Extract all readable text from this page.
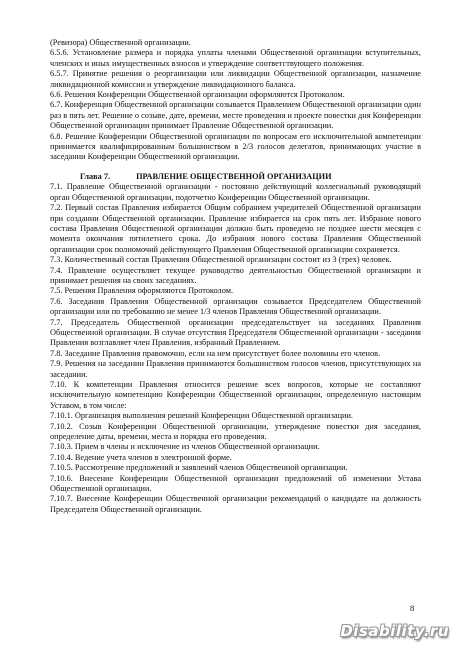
(Ревизора) Общественной организации.

6.5.6. Установление размера и порядка уплаты членами Общественной организации вступительных, членских и иных имущественных взносов и утверждение соответствующего положения.

6.5.7. Принятие решения о реорганизации или ликвидации Общественной организации, назначение ликвидационной комиссии и утверждение ликвидационного баланса.

6.6. Решения Конференции Общественной организации оформляются Протоколом.

6.7. Конференция Общественной организации созывается Правлением Общественной организации один раз в пять лет. Решение о созыве, дате, времени, месте проведения и проекте повестки дня Конференции Общественной организации принимает Правление Общественной организации.

6.8. Решение Конференции Общественной организации по вопросам его исключительной компетенции принимается квалифицированным большинством в 2/3 голосов делегатов, принимающих участие в заседании Конференции Общественной организации.

Глава 7.	ПРАВЛЕНИЕ ОБЩЕСТВЕННОЙ ОРГАНИЗАЦИИ

7.1. Правление Общественной организации - постоянно действующий коллегиальный руководящий орган Общественной организации, подотчетно Конференции Общественной организации.

7.2. Первый состав Правления избирается Общим собранием учредителей Общественной организации при создании Общественной организации. Правление избирается на срок пять лет. Избрание нового состава Правления Общественной организации должно быть проведено не позднее шести месяцев с момента окончания пятилетнего срока. До избрания нового состава Правления Общественной организации срок полномочий действующего Правления Общественной организации сохраняется.

7.3. Количественный состав Правления Общественной организации состоит из 3 (трех) человек.

7.4. Правление осуществляет текущее руководство деятельностью Общественной организации и принимает решения на своих заседаниях.

7.5. Решения Правления оформляются Протоколом.

7.6. Заседания Правления Общественной организации созывается Председателем Общественной организации или по требованию не менее 1/3 членов Правления Общественной организации.

7.7. Председатель Общественной организации председательствует на заседаниях Правления Общественной организации. В случае отсутствия Председателя Общественной организации - заседания Правления возглавляет член Правления, избранный Правлением.

7.8. Заседание Правления правомочно, если на нем присутствует более половины его членов.

7.9. Решения на заседании Правления принимаются большинством голосов членов, присутствующих на заседании.

7.10. К компетенции Правления относится решение всех вопросов, которые не составляют исключительную компетенцию Конференции Общественной организации, определенную настоящим Уставом, в том числе:

7.10.1. Организация выполнения решений Конференции Общественной организации.

7.10.2. Созыв Конференции Общественной организации, утверждение повестки дня заседания, определение даты, времени, места и порядка его проведения.

7.10.3. Прием в члены и исключение из членов Общественной организации.

7.10.4. Ведение учета членов в электронной форме.

7.10.5. Рассмотрение предложений и заявлений членов Общественной организации.

7.10.6. Внесение Конференции Общественной организации предложений об изменении Устава Общественной организации.

7.10.7. Внесение Конференции Общественной организации рекомендаций о кандидате на должность Председателя Общественной организации.

8
Disability.ru
